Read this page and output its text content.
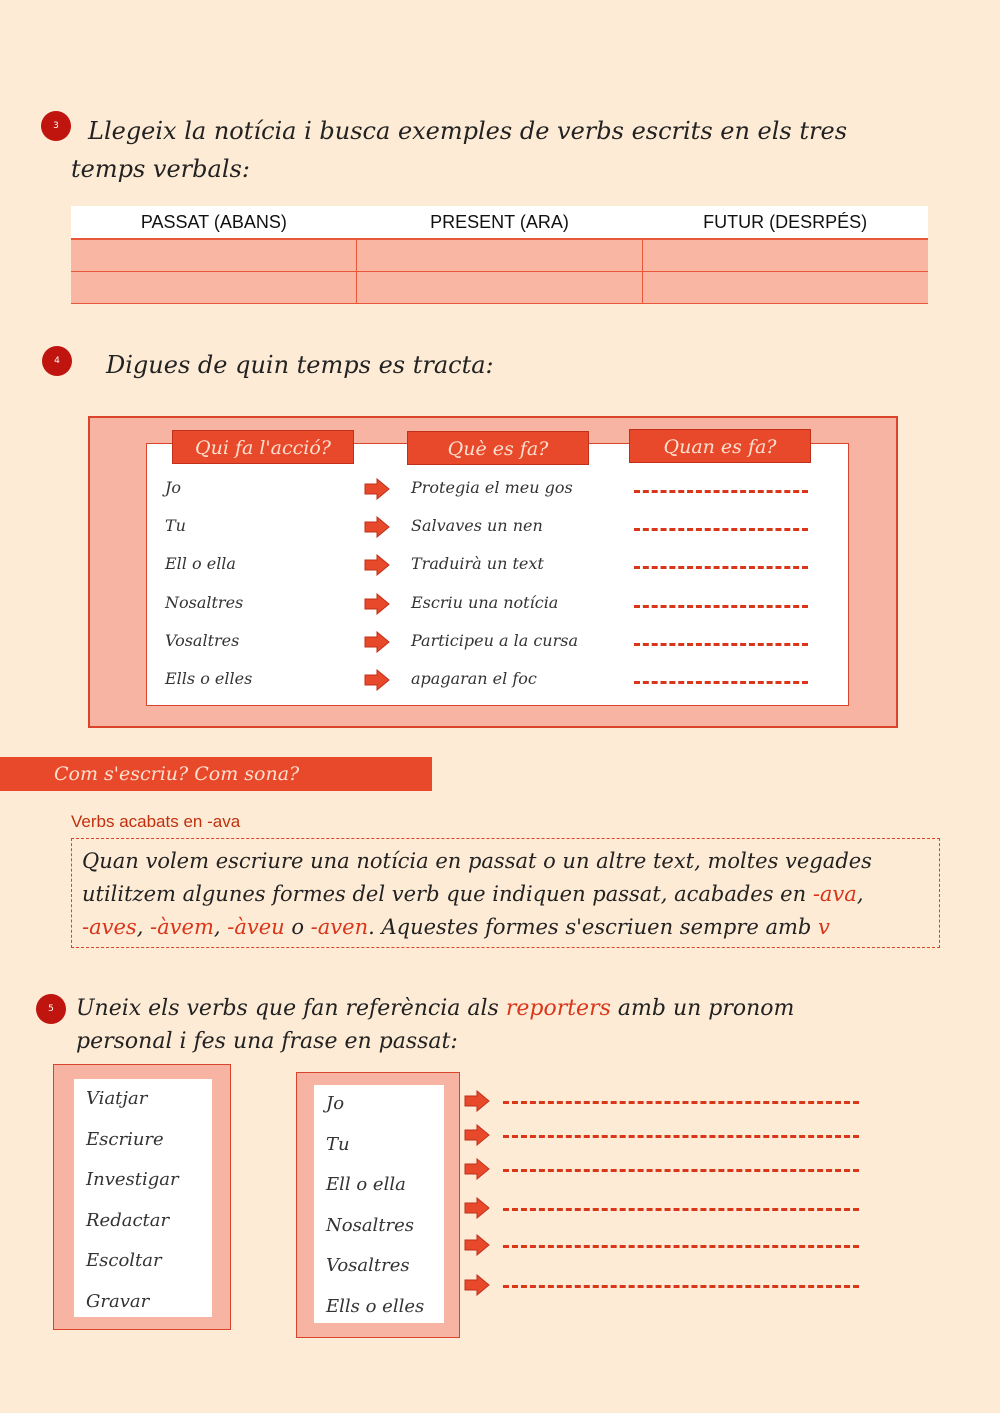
3 Llegeix la notícia i busca exemples de verbs escrits en els tres
temps verbals:
PASSAT (ABANS)	PRESENT (ARA)	FUTUR (DESRPÉS)
4 Digues de quin temps es tracta:
Qui fa l'acció?	Què es fa?	Quan es fa?
Jo	Protegia el meu gos
Tu	Salvaves un nen
Ell o ella	Traduirà un text
Nosaltres	Escriu una notícia
Vosaltres	Participeu a la cursa
Ells o elles	apagaran el foc
Com s'escriu? Com sona?
Verbs acabats en -ava
Quan volem escriure una notícia en passat o un altre text, moltes vegades
utilitzem algunes formes del verb que indiquen passat, acabades en -ava,
-aves, -àvem, -àveu o -aven. Aquestes formes s'escriuen sempre amb v
5 Uneix els verbs que fan referència als reporters amb un pronom
personal i fes una frase en passat:
Viatjar
Escriure
Investigar
Redactar
Escoltar
Gravar
Jo
Tu
Ell o ella
Nosaltres
Vosaltres
Ells o elles
